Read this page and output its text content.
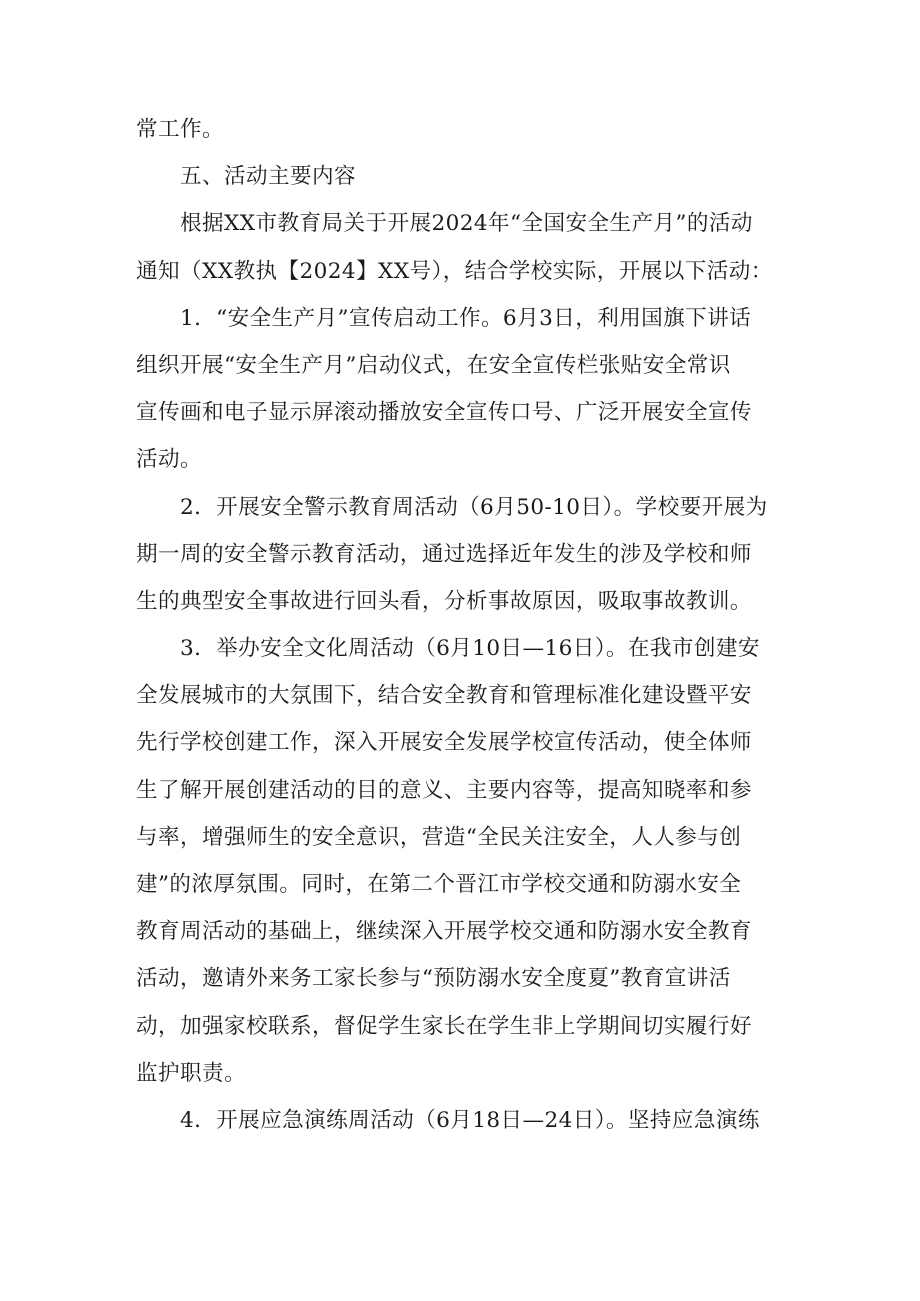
常工作。
五、活动主要内容
根据XX市教育局关于开展2024年“全国安全生产月”的活动
通知（XX教执【2024】XX号），结合学校实际，开展以下活动：
1．“安全生产月”宣传启动工作。6月3日，利用国旗下讲话
组织开展“安全生产月”启动仪式，在安全宣传栏张贴安全常识
宣传画和电子显示屏滚动播放安全宣传口号、广泛开展安全宣传
活动。
2．开展安全警示教育周活动（6月50-10日）。学校要开展为
期一周的安全警示教育活动，通过选择近年发生的涉及学校和师
生的典型安全事故进行回头看，分析事故原因，吸取事故教训。
3．举办安全文化周活动（6月10日—16日）。在我市创建安
全发展城市的大氛围下，结合安全教育和管理标准化建设暨平安
先行学校创建工作，深入开展安全发展学校宣传活动，使全体师
生了解开展创建活动的目的意义、主要内容等，提高知晓率和参
与率，增强师生的安全意识，营造“全民关注安全，人人参与创
建”的浓厚氛围。同时，在第二个晋江市学校交通和防溺水安全
教育周活动的基础上，继续深入开展学校交通和防溺水安全教育
活动，邀请外来务工家长参与“预防溺水安全度夏”教育宣讲活
动，加强家校联系，督促学生家长在学生非上学期间切实履行好
监护职责。
4．开展应急演练周活动（6月18日—24日）。坚持应急演练
